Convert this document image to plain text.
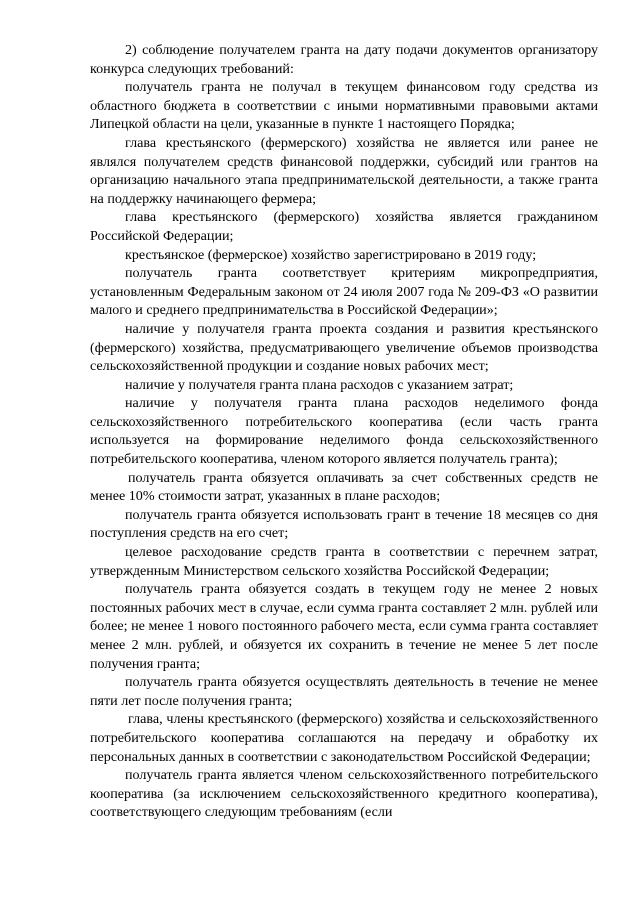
2) соблюдение получателем гранта на дату подачи документов организатору конкурса следующих требований:

получатель гранта не получал в текущем финансовом году средства из областного бюджета в соответствии с иными нормативными правовыми актами Липецкой области на цели, указанные в пункте 1 настоящего Порядка;

глава крестьянского (фермерского) хозяйства не является или ранее не являлся получателем средств финансовой поддержки, субсидий или грантов на организацию начального этапа предпринимательской деятельности, а также гранта на поддержку начинающего фермера;

глава крестьянского (фермерского) хозяйства является гражданином Российской Федерации;

крестьянское (фермерское) хозяйство зарегистрировано в 2019 году;

получатель гранта соответствует критериям микропредприятия, установленным Федеральным законом от 24 июля 2007 года № 209-ФЗ «О развитии малого и среднего предпринимательства в Российской Федерации»;

наличие у получателя гранта проекта создания и развития крестьянского (фермерского) хозяйства, предусматривающего увеличение объемов производства сельскохозяйственной продукции и создание новых рабочих мест;

наличие у получателя гранта плана расходов с указанием затрат;

наличие у получателя гранта плана расходов неделимого фонда сельскохозяйственного потребительского кооператива (если часть гранта используется на формирование неделимого фонда сельскохозяйственного потребительского кооператива, членом которого является получатель гранта);

получатель гранта обязуется оплачивать за счет собственных средств не менее 10% стоимости затрат, указанных в плане расходов;

получатель гранта обязуется использовать грант в течение 18 месяцев со дня поступления средств на его счет;

целевое расходование средств гранта в соответствии с перечнем затрат, утвержденным Министерством сельского хозяйства Российской Федерации;

получатель гранта обязуется создать в текущем году не менее 2 новых постоянных рабочих мест в случае, если сумма гранта составляет 2 млн. рублей или более; не менее 1 нового постоянного рабочего места, если сумма гранта составляет менее 2 млн. рублей, и обязуется их сохранить в течение не менее 5 лет после получения гранта;

получатель гранта обязуется осуществлять деятельность в течение не менее пяти лет после получения гранта;

глава, члены крестьянского (фермерского) хозяйства и сельскохозяйственного потребительского кооператива соглашаются на передачу и обработку их персональных данных в соответствии с законодательством Российской Федерации;

получатель гранта является членом сельскохозяйственного потребительского кооператива (за исключением сельскохозяйственного кредитного кооператива), соответствующего следующим требованиям (если
